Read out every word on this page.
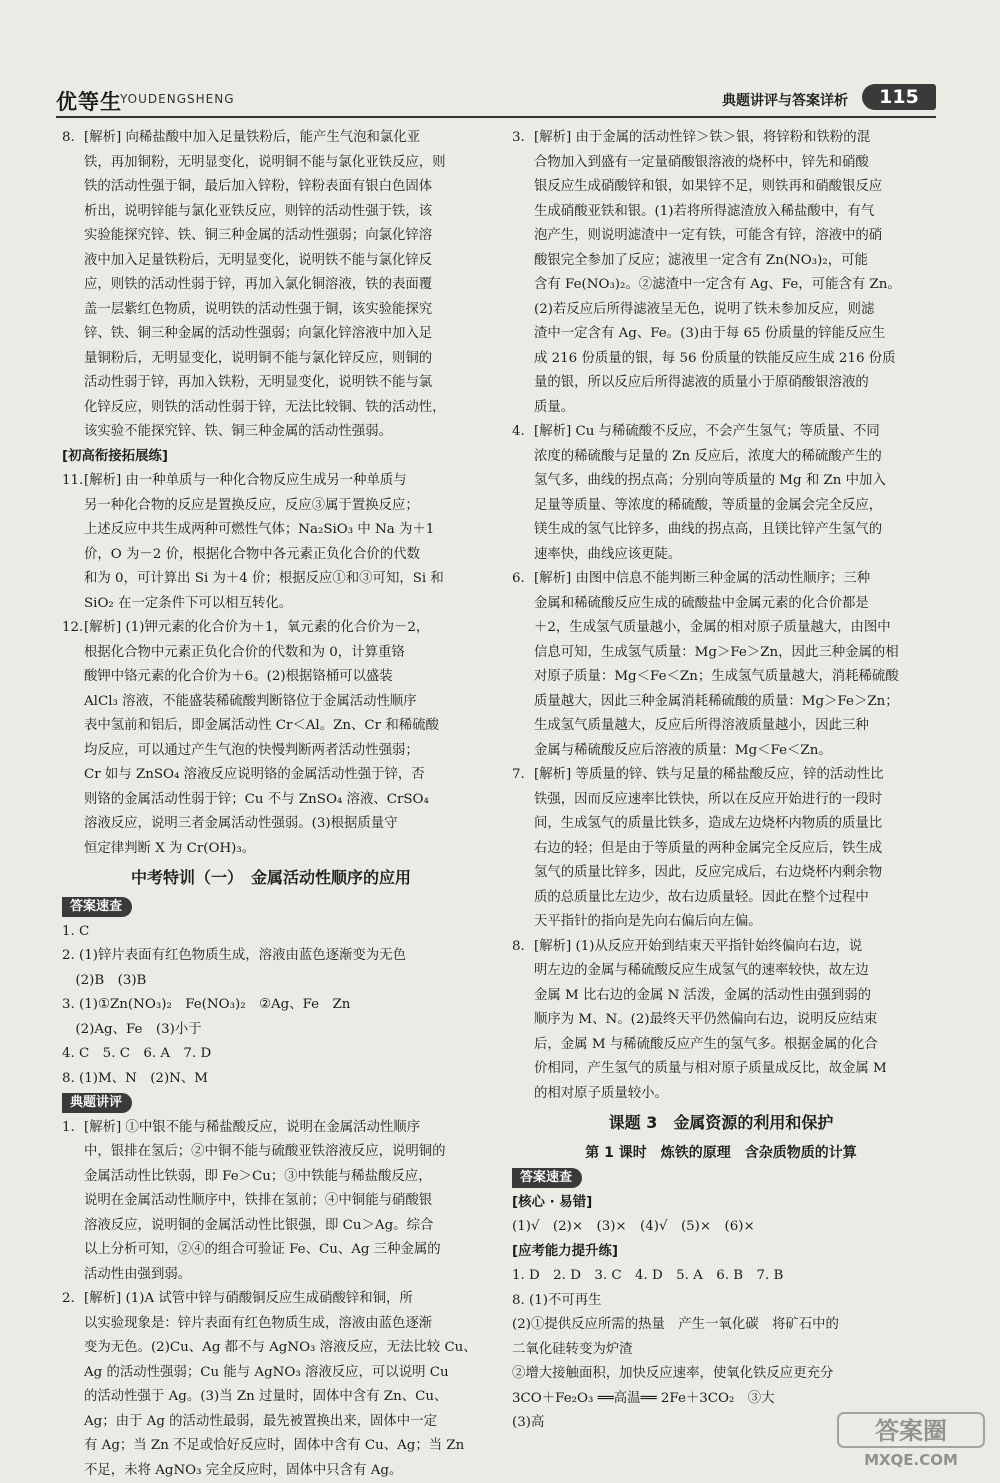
优等生
YOUDENGSHENG	典题讲评与答案详析	115
8. [解析] 向稀盐酸中加入足量铁粉后，能产生气泡和氯化亚
铁，再加铜粉，无明显变化，说明铜不能与氯化亚铁反应，则
铁的活动性强于铜，最后加入锌粉，锌粉表面有银白色固体
析出，说明锌能与氯化亚铁反应，则锌的活动性强于铁，该
实验能探究锌、铁、铜三种金属的活动性强弱；向氯化锌溶
液中加入足量铁粉后，无明显变化，说明铁不能与氯化锌反
应，则铁的活动性弱于锌，再加入氯化铜溶液，铁的表面覆
盖一层紫红色物质，说明铁的活动性强于铜，该实验能探究
锌、铁、铜三种金属的活动性强弱；向氯化锌溶液中加入足
量铜粉后，无明显变化，说明铜不能与氯化锌反应，则铜的
活动性弱于锌，再加入铁粉，无明显变化，说明铁不能与氯
化锌反应，则铁的活动性弱于锌，无法比较铜、铁的活动性，
该实验不能探究锌、铁、铜三种金属的活动性强弱。
[初高衔接拓展练]
11. [解析] 由一种单质与一种化合物反应生成另一种单质与
另一种化合物的反应是置换反应，反应③属于置换反应；
上述反应中共生成两种可燃性气体；Na₂SiO₃ 中 Na 为＋1
价，O 为－2 价，根据化合物中各元素正负化合价的代数
和为 0，可计算出 Si 为＋4 价；根据反应①和③可知，Si 和
SiO₂ 在一定条件下可以相互转化。
12. [解析] (1)钾元素的化合价为＋1，氧元素的化合价为－2，
根据化合物中元素正负化合价的代数和为 0，计算重铬
酸钾中铬元素的化合价为＋6。(2)根据铬桶可以盛装
AlCl₃ 溶液，不能盛装稀硫酸判断铬位于金属活动性顺序
表中氢前和铝后，即金属活动性 Cr＜Al。Zn、Cr 和稀硫酸
均反应，可以通过产生气泡的快慢判断两者活动性强弱；
Cr 如与 ZnSO₄ 溶液反应说明铬的金属活动性强于锌，否
则铬的金属活动性弱于锌；Cu 不与 ZnSO₄ 溶液、CrSO₄
溶液反应，说明三者金属活动性强弱。(3)根据质量守
恒定律判断 X 为 Cr(OH)₃。
中考特训（一）　金属活动性顺序的应用
答案速查
1. C
2. (1)锌片表面有红色物质生成，溶液由蓝色逐渐变为无色
　(2)B　(3)B
3. (1)①Zn(NO₃)₂　Fe(NO₃)₂　②Ag、Fe　Zn
　(2)Ag、Fe　(3)小于
4. C　5. C　6. A　7. D
8. (1)M、N　(2)N、M
典题讲评
1. [解析] ①中银不能与稀盐酸反应，说明在金属活动性顺序
中，银排在氢后；②中铜不能与硫酸亚铁溶液反应，说明铜的
金属活动性比铁弱，即 Fe＞Cu；③中铁能与稀盐酸反应，
说明在金属活动性顺序中，铁排在氢前；④中铜能与硝酸银
溶液反应，说明铜的金属活动性比银强，即 Cu＞Ag。综合
以上分析可知，②④的组合可验证 Fe、Cu、Ag 三种金属的
活动性由强到弱。
2. [解析] (1)A 试管中锌与硝酸铜反应生成硝酸锌和铜，所
以实验现象是：锌片表面有红色物质生成，溶液由蓝色逐渐
变为无色。(2)Cu、Ag 都不与 AgNO₃ 溶液反应，无法比较 Cu、
Ag 的活动性强弱；Cu 能与 AgNO₃ 溶液反应，可以说明 Cu
的活动性强于 Ag。(3)当 Zn 过量时，固体中含有 Zn、Cu、
Ag；由于 Ag 的活动性最弱，最先被置换出来，固体中一定
有 Ag；当 Zn 不足或恰好反应时，固体中含有 Cu、Ag；当 Zn
不足，未将 AgNO₃ 完全反应时，固体中只含有 Ag。
3. [解析] 由于金属的活动性锌＞铁＞银，将锌粉和铁粉的混
合物加入到盛有一定量硝酸银溶液的烧杯中，锌先和硝酸
银反应生成硝酸锌和银，如果锌不足，则铁再和硝酸银反应
生成硝酸亚铁和银。(1)若将所得滤渣放入稀盐酸中，有气
泡产生，则说明滤渣中一定有铁，可能含有锌，溶液中的硝
酸银完全参加了反应；滤液里一定含有 Zn(NO₃)₂，可能
含有 Fe(NO₃)₂。②滤渣中一定含有 Ag、Fe，可能含有 Zn。
(2)若反应后所得滤液呈无色，说明了铁未参加反应，则滤
渣中一定含有 Ag、Fe。(3)由于每 65 份质量的锌能反应生
成 216 份质量的银，每 56 份质量的铁能反应生成 216 份质
量的银，所以反应后所得滤液的质量小于原硝酸银溶液的
质量。
4. [解析] Cu 与稀硫酸不反应，不会产生氢气；等质量、不同
浓度的稀硫酸与足量的 Zn 反应后，浓度大的稀硫酸产生的
氢气多，曲线的拐点高；分别向等质量的 Mg 和 Zn 中加入
足量等质量、等浓度的稀硫酸，等质量的金属会完全反应，
镁生成的氢气比锌多，曲线的拐点高，且镁比锌产生氢气的
速率快，曲线应该更陡。
6. [解析] 由图中信息不能判断三种金属的活动性顺序；三种
金属和稀硫酸反应生成的硫酸盐中金属元素的化合价都是
＋2，生成氢气质量越小，金属的相对原子质量越大，由图中
信息可知，生成氢气质量：Mg＞Fe＞Zn，因此三种金属的相
对原子质量：Mg＜Fe＜Zn；生成氢气质量越大，消耗稀硫酸
质量越大，因此三种金属消耗稀硫酸的质量：Mg＞Fe＞Zn；
生成氢气质量越大，反应后所得溶液质量越小，因此三种
金属与稀硫酸反应后溶液的质量：Mg＜Fe＜Zn。
7. [解析] 等质量的锌、铁与足量的稀盐酸反应，锌的活动性比
铁强，因而反应速率比铁快，所以在反应开始进行的一段时
间，生成氢气的质量比铁多，造成左边烧杯内物质的质量比
右边的轻；但是由于等质量的两种金属完全反应后，铁生成
氢气的质量比锌多，因此，反应完成后，右边烧杯内剩余物
质的总质量比左边少，故右边质量轻。因此在整个过程中
天平指针的指向是先向右偏后向左偏。
8. [解析] (1)从反应开始到结束天平指针始终偏向右边，说
明左边的金属与稀硫酸反应生成氢气的速率较快，故左边
金属 M 比右边的金属 N 活泼，金属的活动性由强到弱的
顺序为 M、N。(2)最终天平仍然偏向右边，说明反应结束
后，金属 M 与稀硫酸反应产生的氢气多。根据金属的化合
价相同，产生氢气的质量与相对原子质量成反比，故金属 M
的相对原子质量较小。
课题 3　金属资源的利用和保护
第 1 课时　炼铁的原理　含杂质物质的计算
答案速查
[核心 · 易错]
(1)√　(2)×　(3)×　(4)√　(5)×　(6)×
[应考能力提升练]
1. D　2. D　3. C　4. D　5. A　6. B　7. B
8. (1)不可再生
(2)①提供反应所需的热量　产生一氧化碳　将矿石中的
二氧化硅转变为炉渣
②增大接触面积，加快反应速率，使氧化铁反应更充分
3CO＋Fe₂O₃ ══高温══ 2Fe＋3CO₂　③大
(3)高	答案圈
MXQE.COM
